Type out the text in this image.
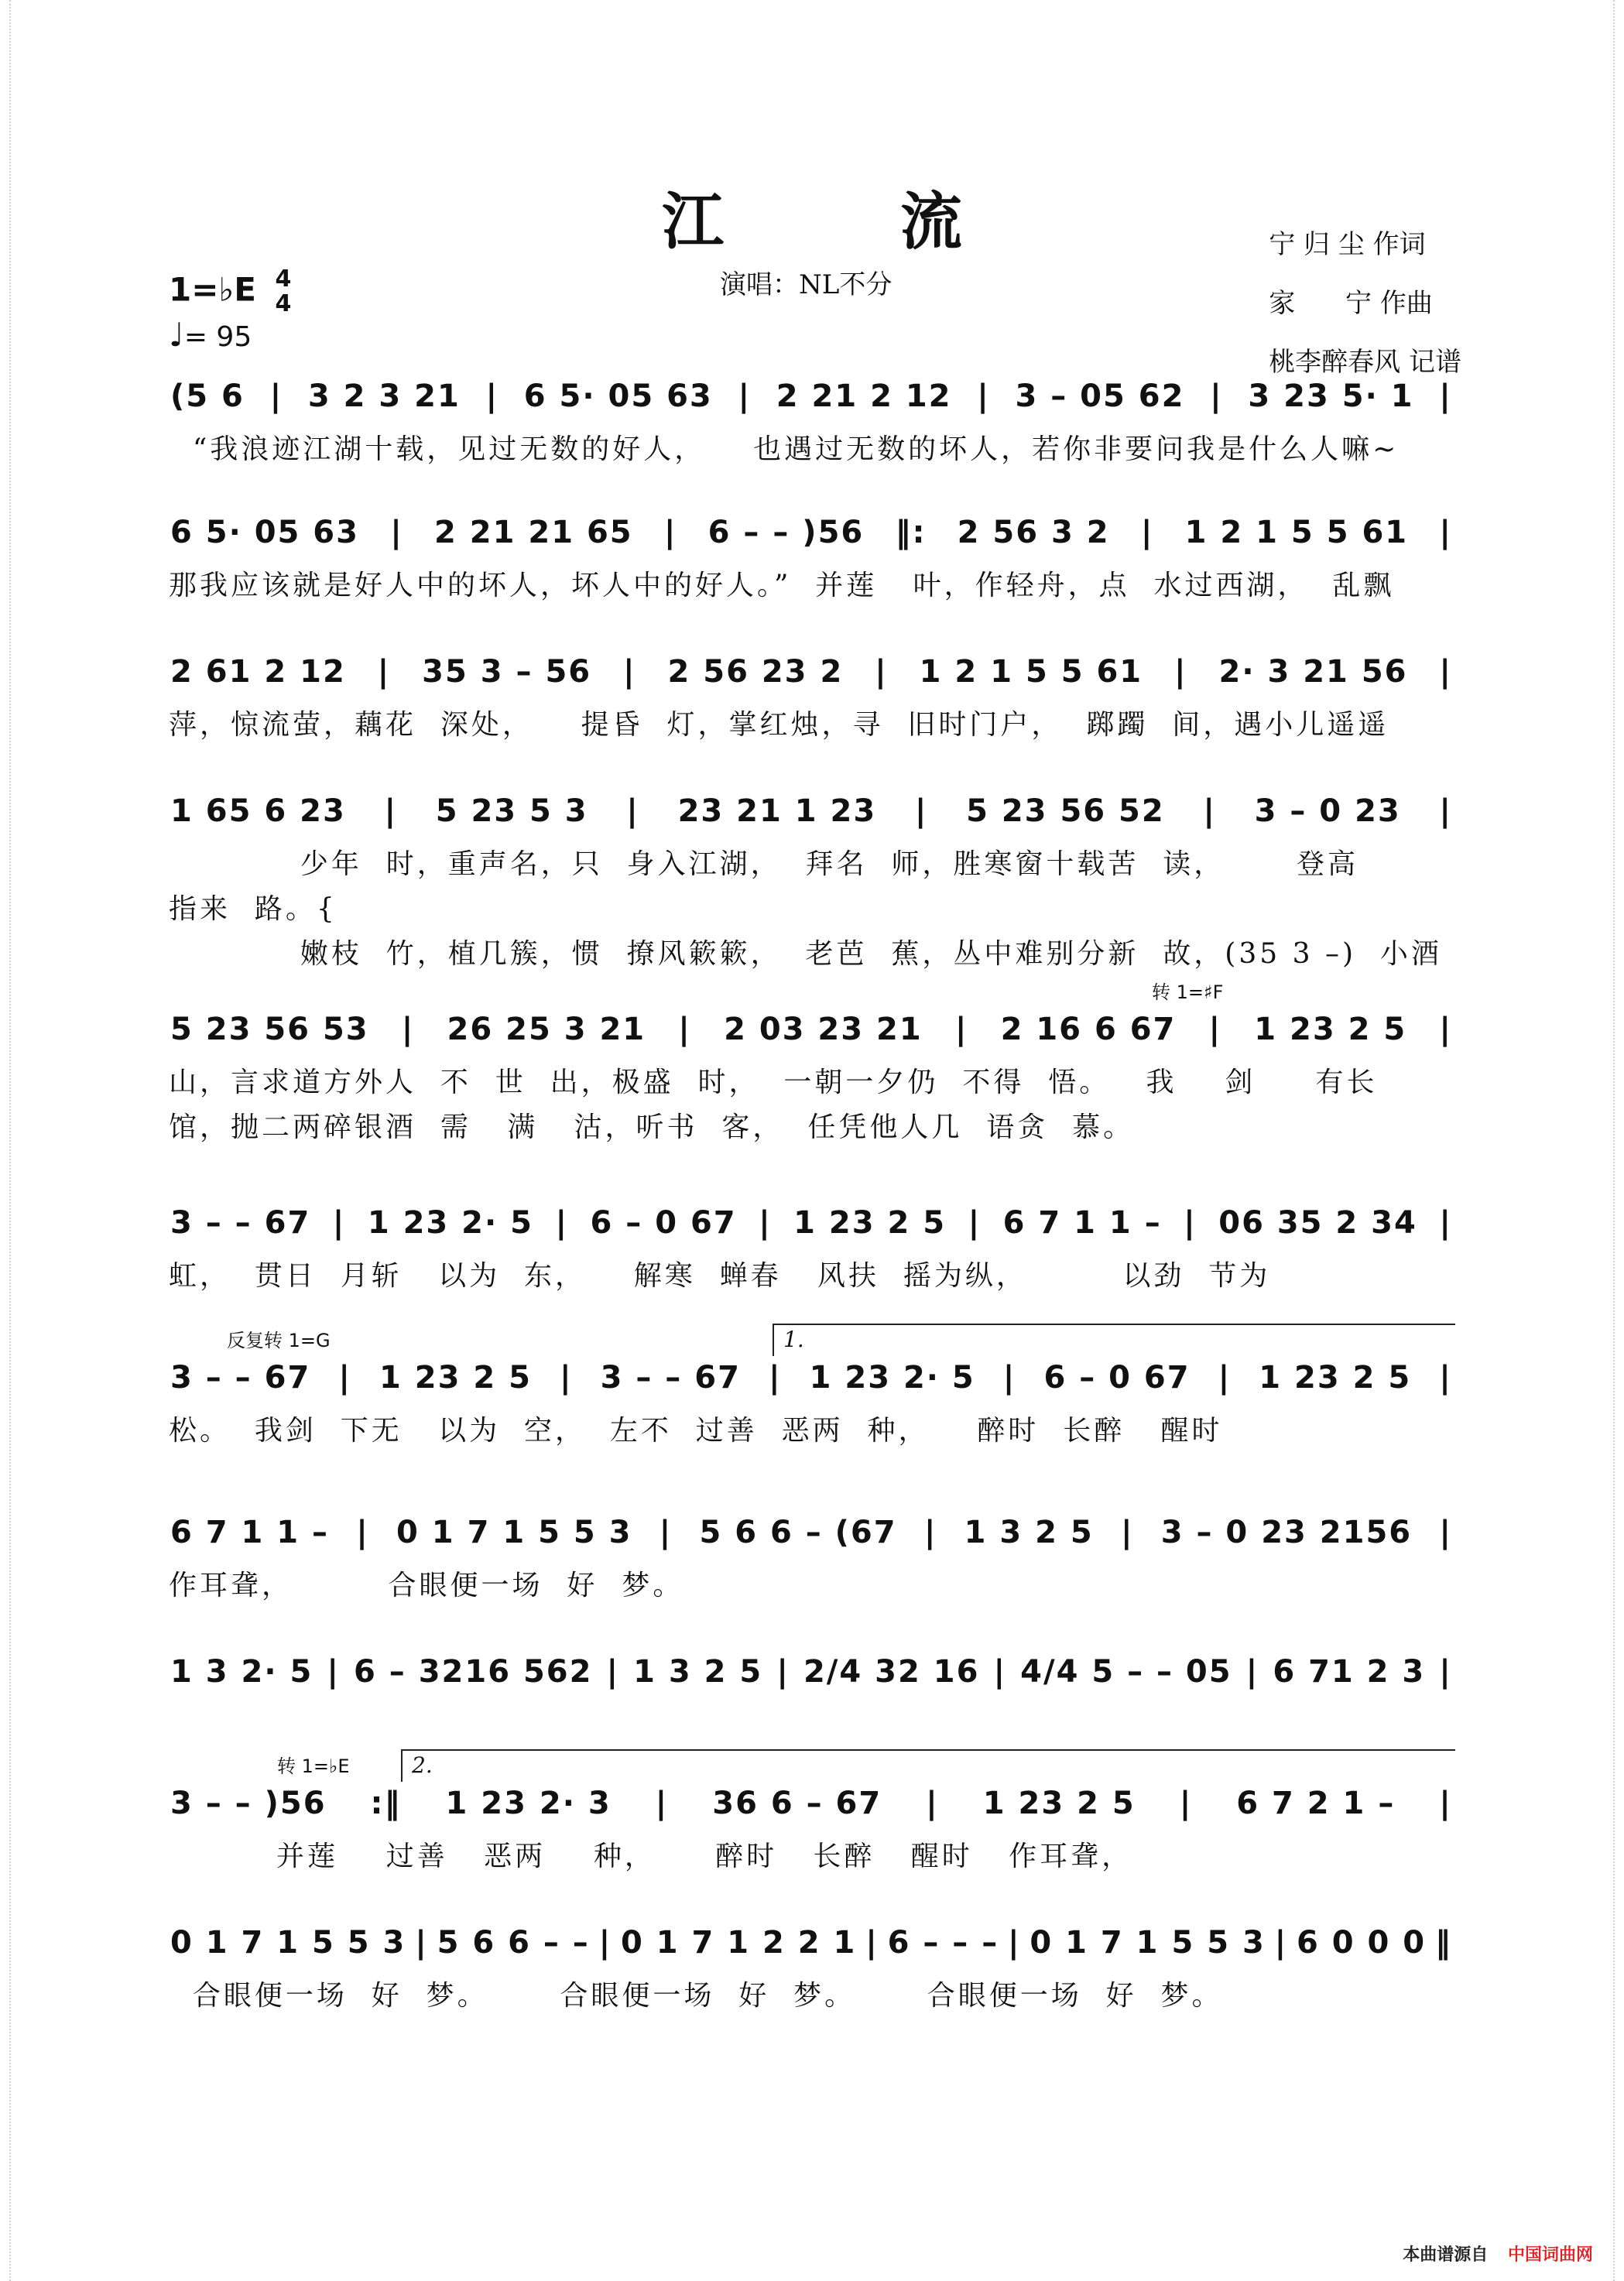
江 流	宁 归 尘 作词
家      宁 作曲
桃李醉春风 记谱
1=♭E 4
4
♩= 95
演唱：NL不分
(5 6 | 3 2 3 21 | 6 5· 05 63 | 2 21 2 12 | 3 – 05 62 | 3 23 5· 1 |
“我浪迹江湖十载，见过无数的好人，    也遇过无数的坏人，若你非要问我是什么人嘛~
6 5· 05 63 | 2 21 21 65 | 6 – – )56 ‖: 2 56 3 2 | 1 2 1 5 5 61 |
那我应该就是好人中的坏人，坏人中的好人。”  并莲   叶，作轻舟，点  水过西湖，  乱飘
2 61 2 12 | 35 3 – 56 | 2 56 23 2 | 1 2 1 5 5 61 | 2· 3 21 56 |
萍，惊流萤，藕花  深处，    提昏  灯，掌红烛，寻  旧时门户，  踯躅  间，遇小儿遥遥
1 65 6 23 | 5 23 5 3 | 23 21 1 23 | 5 23 56 52 | 3 – 0 23 |
少年  时，重声名，只  身入江湖，  拜名  师，胜寒窗十载苦  读，      登高
指来  路。{
嫩枝  竹，植几簇，惯  撩风簌簌，  老芭  蕉，丛中难别分新  故，(35 3 –)  小酒
转 1=♯F
5 23 56 53 | 26 25 3 21 | 2 03 23 21 | 2 16 6 67 | 1 23 2 5 |
山，言求道方外人  不  世  出，极盛  时，  一朝一夕仍  不得  悟。   我    剑     有长
馆，抛二两碎银酒  需   满   沽，听书  客，  任凭他人几  语贪  慕。
3 – – 67 | 1 23 2· 5 | 6 – 0 67 | 1 23 2 5 | 6 7 1 1 – | 06 35 2 34 |
虹，  贯日  月斩   以为  东，    解寒  蝉春   风扶  摇为纵，        以劲  节为
反复转 1=G	1.
3 – – 67 | 1 23 2 5 | 3 – – 67 | 1 23 2· 5 | 6 – 0 67 | 1 23 2 5 |
松。  我剑  下无   以为  空，  左不  过善  恶两  种，    醉时  长醉   醒时
6 7 1 1 – | 0 1 7 1 5 5 3 | 5 6 6 – (67 | 1 3 2 5 | 3 – 0 23 2156 |
作耳聋，        合眼便一场  好  梦。
1 3 2· 5 | 6 – 3216 562 | 1 3 2 5 | 2/4 32 16 | 4/4 5 – – 05 | 6 71 2 3 |
转 1=♭E	2.
3 – – )56 :‖ 1 23 2· 3 | 36 6 – 67 | 1 23 2 5 | 6 7 2 1 – |
并莲    过善   恶两    种，     醉时   长醉   醒时   作耳聋，
0 1 7 1 5 5 3 | 5 6 6 – – | 0 1 7 1 2 2 1 | 6 – – – | 0 1 7 1 5 5 3 | 6 0 0 0 ‖
合眼便一场  好  梦。      合眼便一场  好  梦。      合眼便一场  好  梦。
本曲谱源自 中国词曲网
